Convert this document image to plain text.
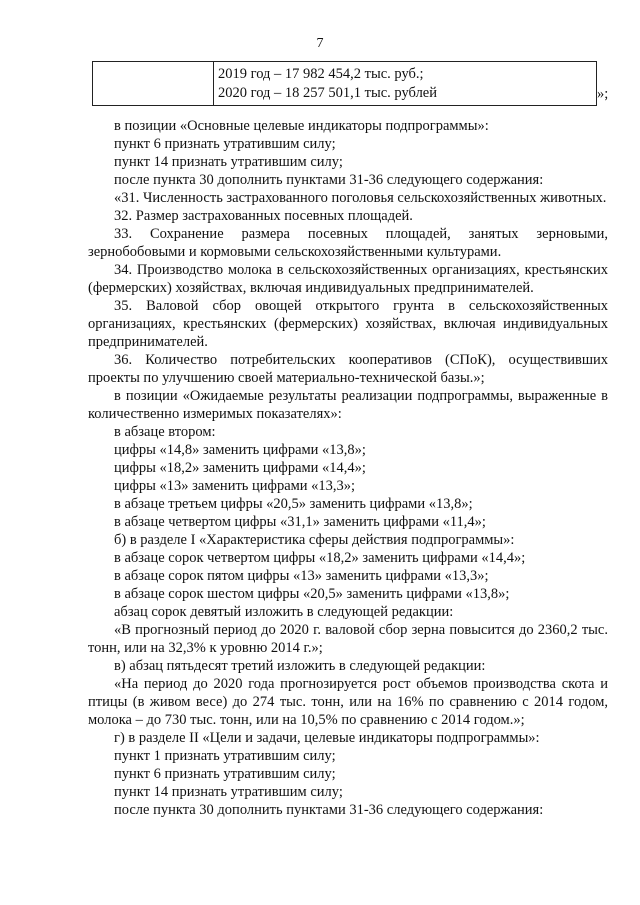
7
2019 год – 17 982 454,2 тыс. руб.;
2020 год – 18 257 501,1 тыс. рублей	»;

в позиции «Основные целевые индикаторы подпрограммы»:

пункт 6 признать утратившим силу;

пункт 14 признать утратившим силу;

после пункта 30 дополнить пунктами 31-36 следующего содержания:

«31. Численность застрахованного поголовья сельскохозяйственных животных.

32. Размер застрахованных посевных площадей.

33. Сохранение размера посевных площадей, занятых зерновыми, зернобобовыми и кормовыми сельскохозяйственными культурами.

34. Производство молока в сельскохозяйственных организациях, крестьянских (фермерских) хозяйствах, включая индивидуальных предпринимателей.

35. Валовой сбор овощей открытого грунта в сельскохозяйственных организациях, крестьянских (фермерских) хозяйствах, включая индивидуальных предпринимателей.

36. Количество потребительских кооперативов (СПоК), осуществивших проекты по улучшению своей материально-технической базы.»;

в позиции «Ожидаемые результаты реализации подпрограммы, выраженные в количественно измеримых показателях»:

в абзаце втором:

цифры «14,8» заменить цифрами «13,8»;

цифры «18,2» заменить цифрами «14,4»;

цифры «13» заменить цифрами «13,3»;

в абзаце третьем цифры «20,5» заменить цифрами «13,8»;

в абзаце четвертом цифры «31,1» заменить цифрами «11,4»;

б) в разделе I «Характеристика сферы действия подпрограммы»:

в абзаце сорок четвертом цифры «18,2» заменить цифрами «14,4»;

в абзаце сорок пятом цифры «13» заменить цифрами «13,3»;

в абзаце сорок шестом цифры «20,5» заменить цифрами «13,8»;

абзац сорок девятый изложить в следующей редакции:

«В прогнозный период до 2020 г. валовой сбор зерна повысится до 2360,2 тыс. тонн, или на 32,3% к уровню 2014 г.»;

в) абзац пятьдесят третий изложить в следующей редакции:

«На период до 2020 года прогнозируется рост объемов производства скота и птицы (в живом весе) до 274 тыс. тонн, или на 16% по сравнению с 2014 годом, молока – до 730 тыс. тонн, или на 10,5% по сравнению с 2014 годом.»;

г) в разделе II «Цели и задачи, целевые индикаторы подпрограммы»:

пункт 1 признать утратившим силу;

пункт 6 признать утратившим силу;

пункт 14 признать утратившим силу;

после пункта 30 дополнить пунктами 31-36 следующего содержания:
